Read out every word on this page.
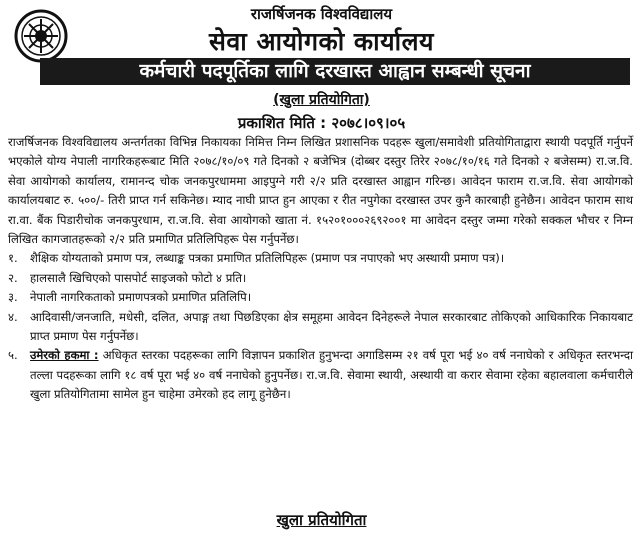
राजर्षिजनक विश्वविद्यालय
सेवा आयोगको कार्यालय
कर्मचारी पदपूर्तिका लागि दरखास्त आह्वान सम्बन्धी सूचना
(खुला प्रतियोगिता)
प्रकाशित मिति : २०७८।०९।०५

राजर्षिजनक विश्वविद्यालय अन्तर्गतका विभिन्न निकायका निमित्त निम्न लिखित प्रशासनिक पदहरू खुला/समावेशी प्रतियोगिताद्वारा स्थायी पदपूर्ति गर्नुपर्ने भएकोले योग्य नेपाली नागरिकहरूबाट मिति २०७८/१०/०९ गते दिनको २ बजेभित्र (दोब्बर दस्तुर तिरेर २०७८/१०/१६ गते दिनको २ बजेसम्म) रा.ज.वि. सेवा आयोगको कार्यालय, रामानन्द चोक जनकपुरधाममा आइपुग्ने गरी २/२ प्रति दरखास्त आह्वान गरिन्छ। आवेदन फाराम रा.ज.वि. सेवा आयोगको कार्यालयबाट रु. ५००/- तिरी प्राप्त गर्न सकिनेछ। म्याद नाघी प्राप्त हुन आएका र रीत नपुगेका दरखास्त उपर कुनै कारबाही हुनेछैन। आवेदन फाराम साथ रा.वा. बैंक पिडारीचोक जनकपुरधाम, रा.ज.वि. सेवा आयोगको खाता नं. १५२०१०००२६९२००१ मा आवेदन दस्तुर जम्मा गरेको सक्कल भौचर र निम्न लिखित कागजातहरूको २/२ प्रति प्रमाणित प्रतिलिपिहरू पेस गर्नुपर्नेछ।

१.	शैक्षिक योग्यताको प्रमाण पत्र, लब्धाङ्क पत्रका प्रमाणित प्रतिलिपिहरू (प्रमाण पत्र नपाएको भए अस्थायी प्रमाण पत्र)।
२.	हालसालै खिचिएको पासपोर्ट साइजको फोटो ४ प्रति।
३.	नेपाली नागरिकताको प्रमाणपत्रको प्रमाणित प्रतिलिपि।
४.	आदिवासी/जनजाति, मधेसी, दलित, अपाङ्ग तथा पिछडिएका क्षेत्र समूहमा आवेदन दिनेहरूले नेपाल सरकारबाट तोकिएको आधिकारिक निकायबाट प्राप्त प्रमाण पेस गर्नुपर्नेछ।
५.	उमेरको हकमा : अधिकृत स्तरका पदहरूका लागि विज्ञापन प्रकाशित हुनुभन्दा अगाडिसम्म २१ वर्ष पूरा भई ४० वर्ष ननाघेको र अधिकृत स्तरभन्दा तल्ला पदहरूका लागि १८ वर्ष पूरा भई ४० वर्ष ननाघेको हुनुपर्नेछ। रा.ज.वि. सेवामा स्थायी, अस्थायी वा करार सेवामा रहेका बहालवाला कर्मचारीले खुला प्रतियोगितामा सामेल हुन चाहेमा उमेरको हद लागू हुनेछैन।
खुला प्रतियोगिता
